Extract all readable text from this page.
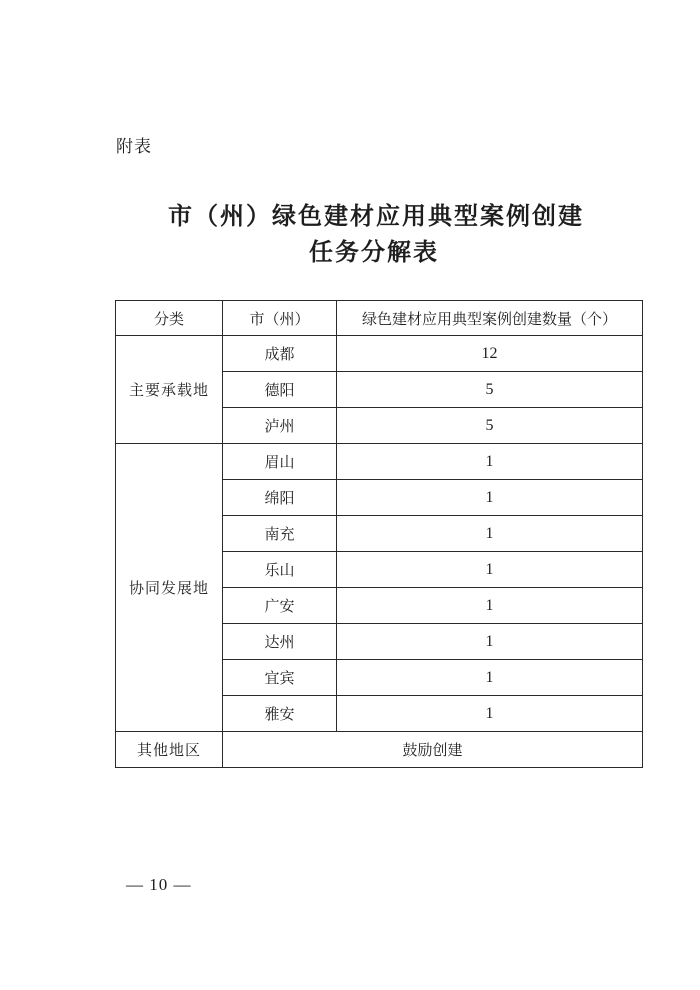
附表
市（州）绿色建材应用典型案例创建
任务分解表
分类	市（州）	绿色建材应用典型案例创建数量（个）
主要承载地	成都	12
	德阳	5
	泸州	5
协同发展地	眉山	1
	绵阳	1
	南充	1
	乐山	1
	广安	1
	达州	1
	宜宾	1
	雅安	1
其他地区	鼓励创建	
— 10 —
